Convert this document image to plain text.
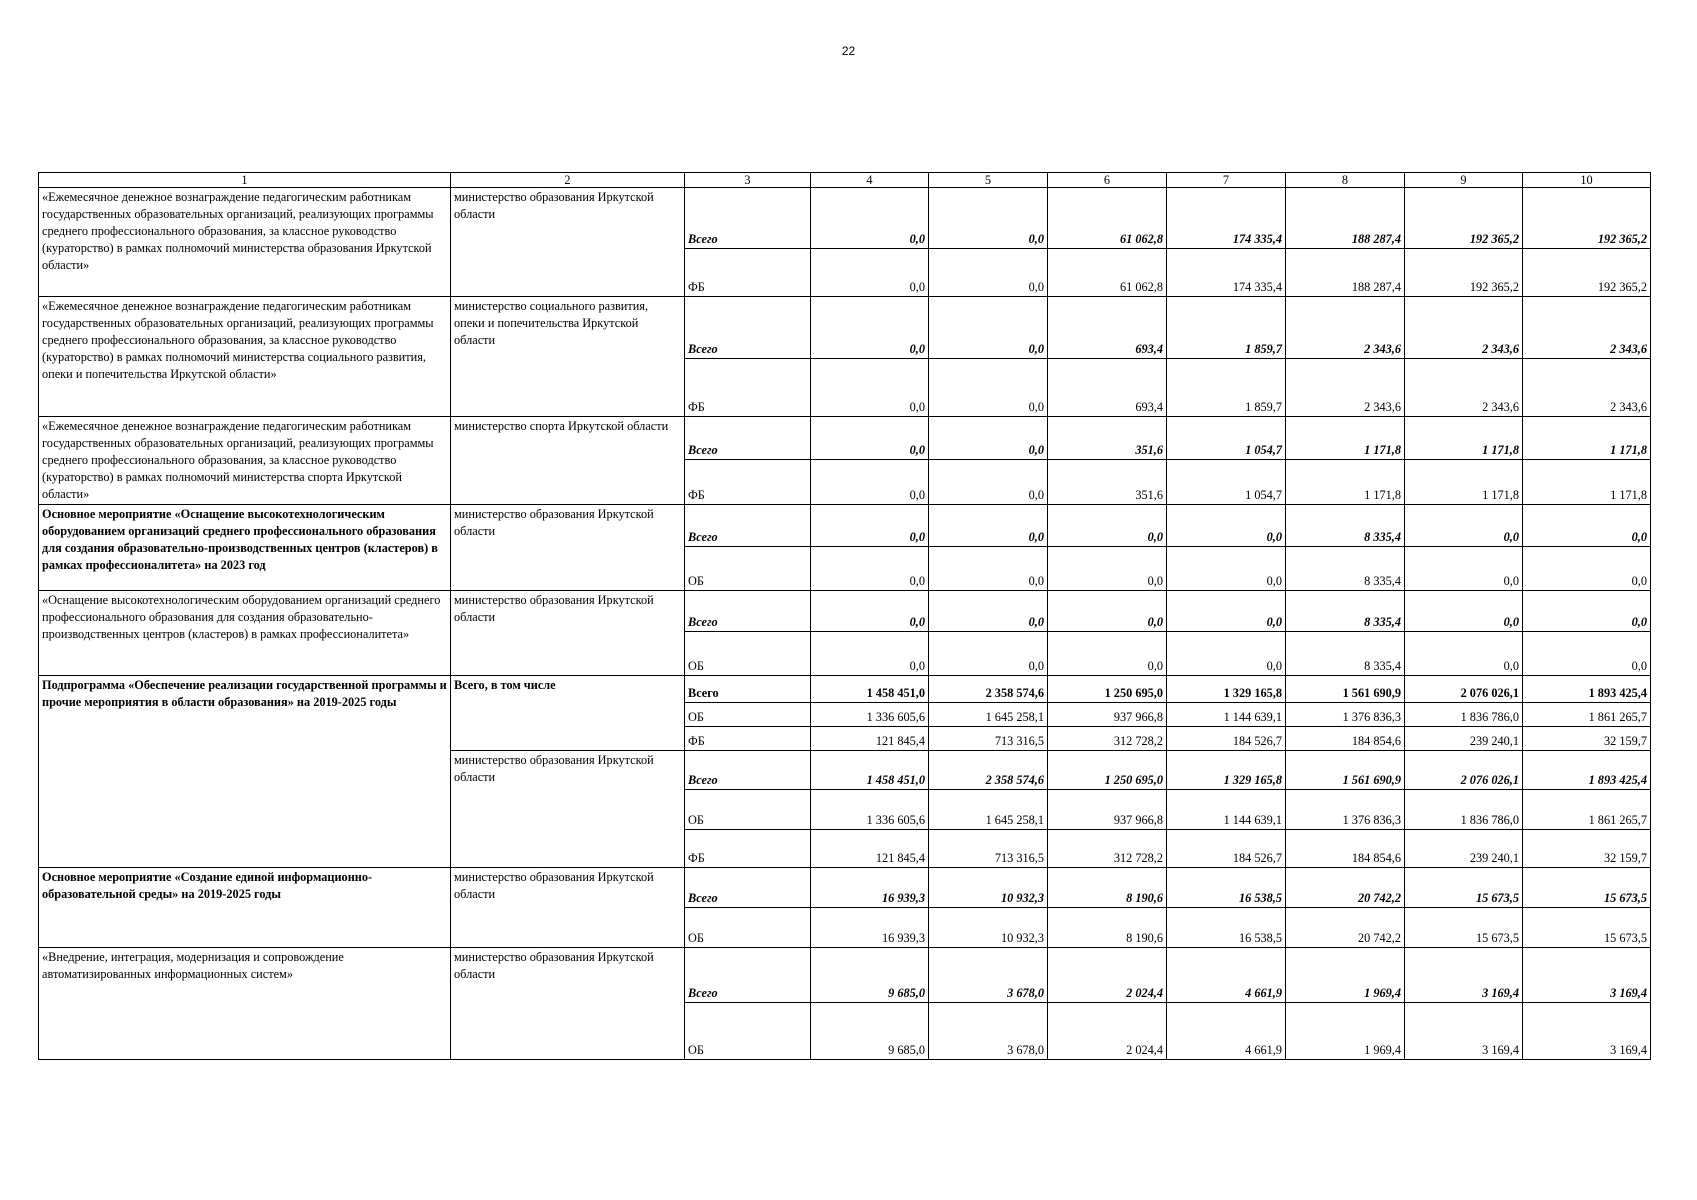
22
1	2	3	4	5	6	7	8	9	10
«Ежемесячное денежное вознаграждение педагогическим работникам государственных образовательных организаций, реализующих программы среднего профессионального образования, за классное руководство (кураторство) в рамках полномочий министерства образования Иркутской области»	министерство образования Иркутской области	Всего	0,0	0,0	61 062,8	174 335,4	188 287,4	192 365,2	192 365,2
		ФБ	0,0	0,0	61 062,8	174 335,4	188 287,4	192 365,2	192 365,2
«Ежемесячное денежное вознаграждение педагогическим работникам государственных образовательных организаций, реализующих программы среднего профессионального образования, за классное руководство (кураторство) в рамках полномочий министерства социального развития, опеки и попечительства Иркутской области»	министерство социального развития, опеки и попечительства Иркутской области	Всего	0,0	0,0	693,4	1 859,7	2 343,6	2 343,6	2 343,6
		ФБ	0,0	0,0	693,4	1 859,7	2 343,6	2 343,6	2 343,6
«Ежемесячное денежное вознаграждение педагогическим работникам государственных образовательных организаций, реализующих программы среднего профессионального образования, за классное руководство (кураторство) в рамках полномочий министерства спорта Иркутской области»	министерство спорта Иркутской области	Всего	0,0	0,0	351,6	1 054,7	1 171,8	1 171,8	1 171,8
		ФБ	0,0	0,0	351,6	1 054,7	1 171,8	1 171,8	1 171,8
Основное мероприятие «Оснащение высокотехнологическим оборудованием организаций среднего профессионального образования для создания образовательно-производственных центров (кластеров) в рамках профессионалитета» на 2023 год	министерство образования Иркутской области	Всего	0,0	0,0	0,0	0,0	8 335,4	0,0	0,0
		ОБ	0,0	0,0	0,0	0,0	8 335,4	0,0	0,0
«Оснащение высокотехнологическим оборудованием организаций среднего профессионального образования для создания образовательно-производственных центров (кластеров) в рамках профессионалитета»	министерство образования Иркутской области	Всего	0,0	0,0	0,0	0,0	8 335,4	0,0	0,0
		ОБ	0,0	0,0	0,0	0,0	8 335,4	0,0	0,0
Подпрограмма «Обеспечение реализации государственной программы и прочие мероприятия в области образования» на 2019-2025 годы	Всего, в том числе	Всего	1 458 451,0	2 358 574,6	1 250 695,0	1 329 165,8	1 561 690,9	2 076 026,1	1 893 425,4
		ОБ	1 336 605,6	1 645 258,1	937 966,8	1 144 639,1	1 376 836,3	1 836 786,0	1 861 265,7
		ФБ	121 845,4	713 316,5	312 728,2	184 526,7	184 854,6	239 240,1	32 159,7
	министерство образования Иркутской области	Всего	1 458 451,0	2 358 574,6	1 250 695,0	1 329 165,8	1 561 690,9	2 076 026,1	1 893 425,4
		ОБ	1 336 605,6	1 645 258,1	937 966,8	1 144 639,1	1 376 836,3	1 836 786,0	1 861 265,7
		ФБ	121 845,4	713 316,5	312 728,2	184 526,7	184 854,6	239 240,1	32 159,7
Основное мероприятие «Создание единой информационно-образовательной среды» на 2019-2025 годы	министерство образования Иркутской области	Всего	16 939,3	10 932,3	8 190,6	16 538,5	20 742,2	15 673,5	15 673,5
		ОБ	16 939,3	10 932,3	8 190,6	16 538,5	20 742,2	15 673,5	15 673,5
«Внедрение, интеграция, модернизация и сопровождение автоматизированных информационных систем»	министерство образования Иркутской области	Всего	9 685,0	3 678,0	2 024,4	4 661,9	1 969,4	3 169,4	3 169,4
		ОБ	9 685,0	3 678,0	2 024,4	4 661,9	1 969,4	3 169,4	3 169,4
